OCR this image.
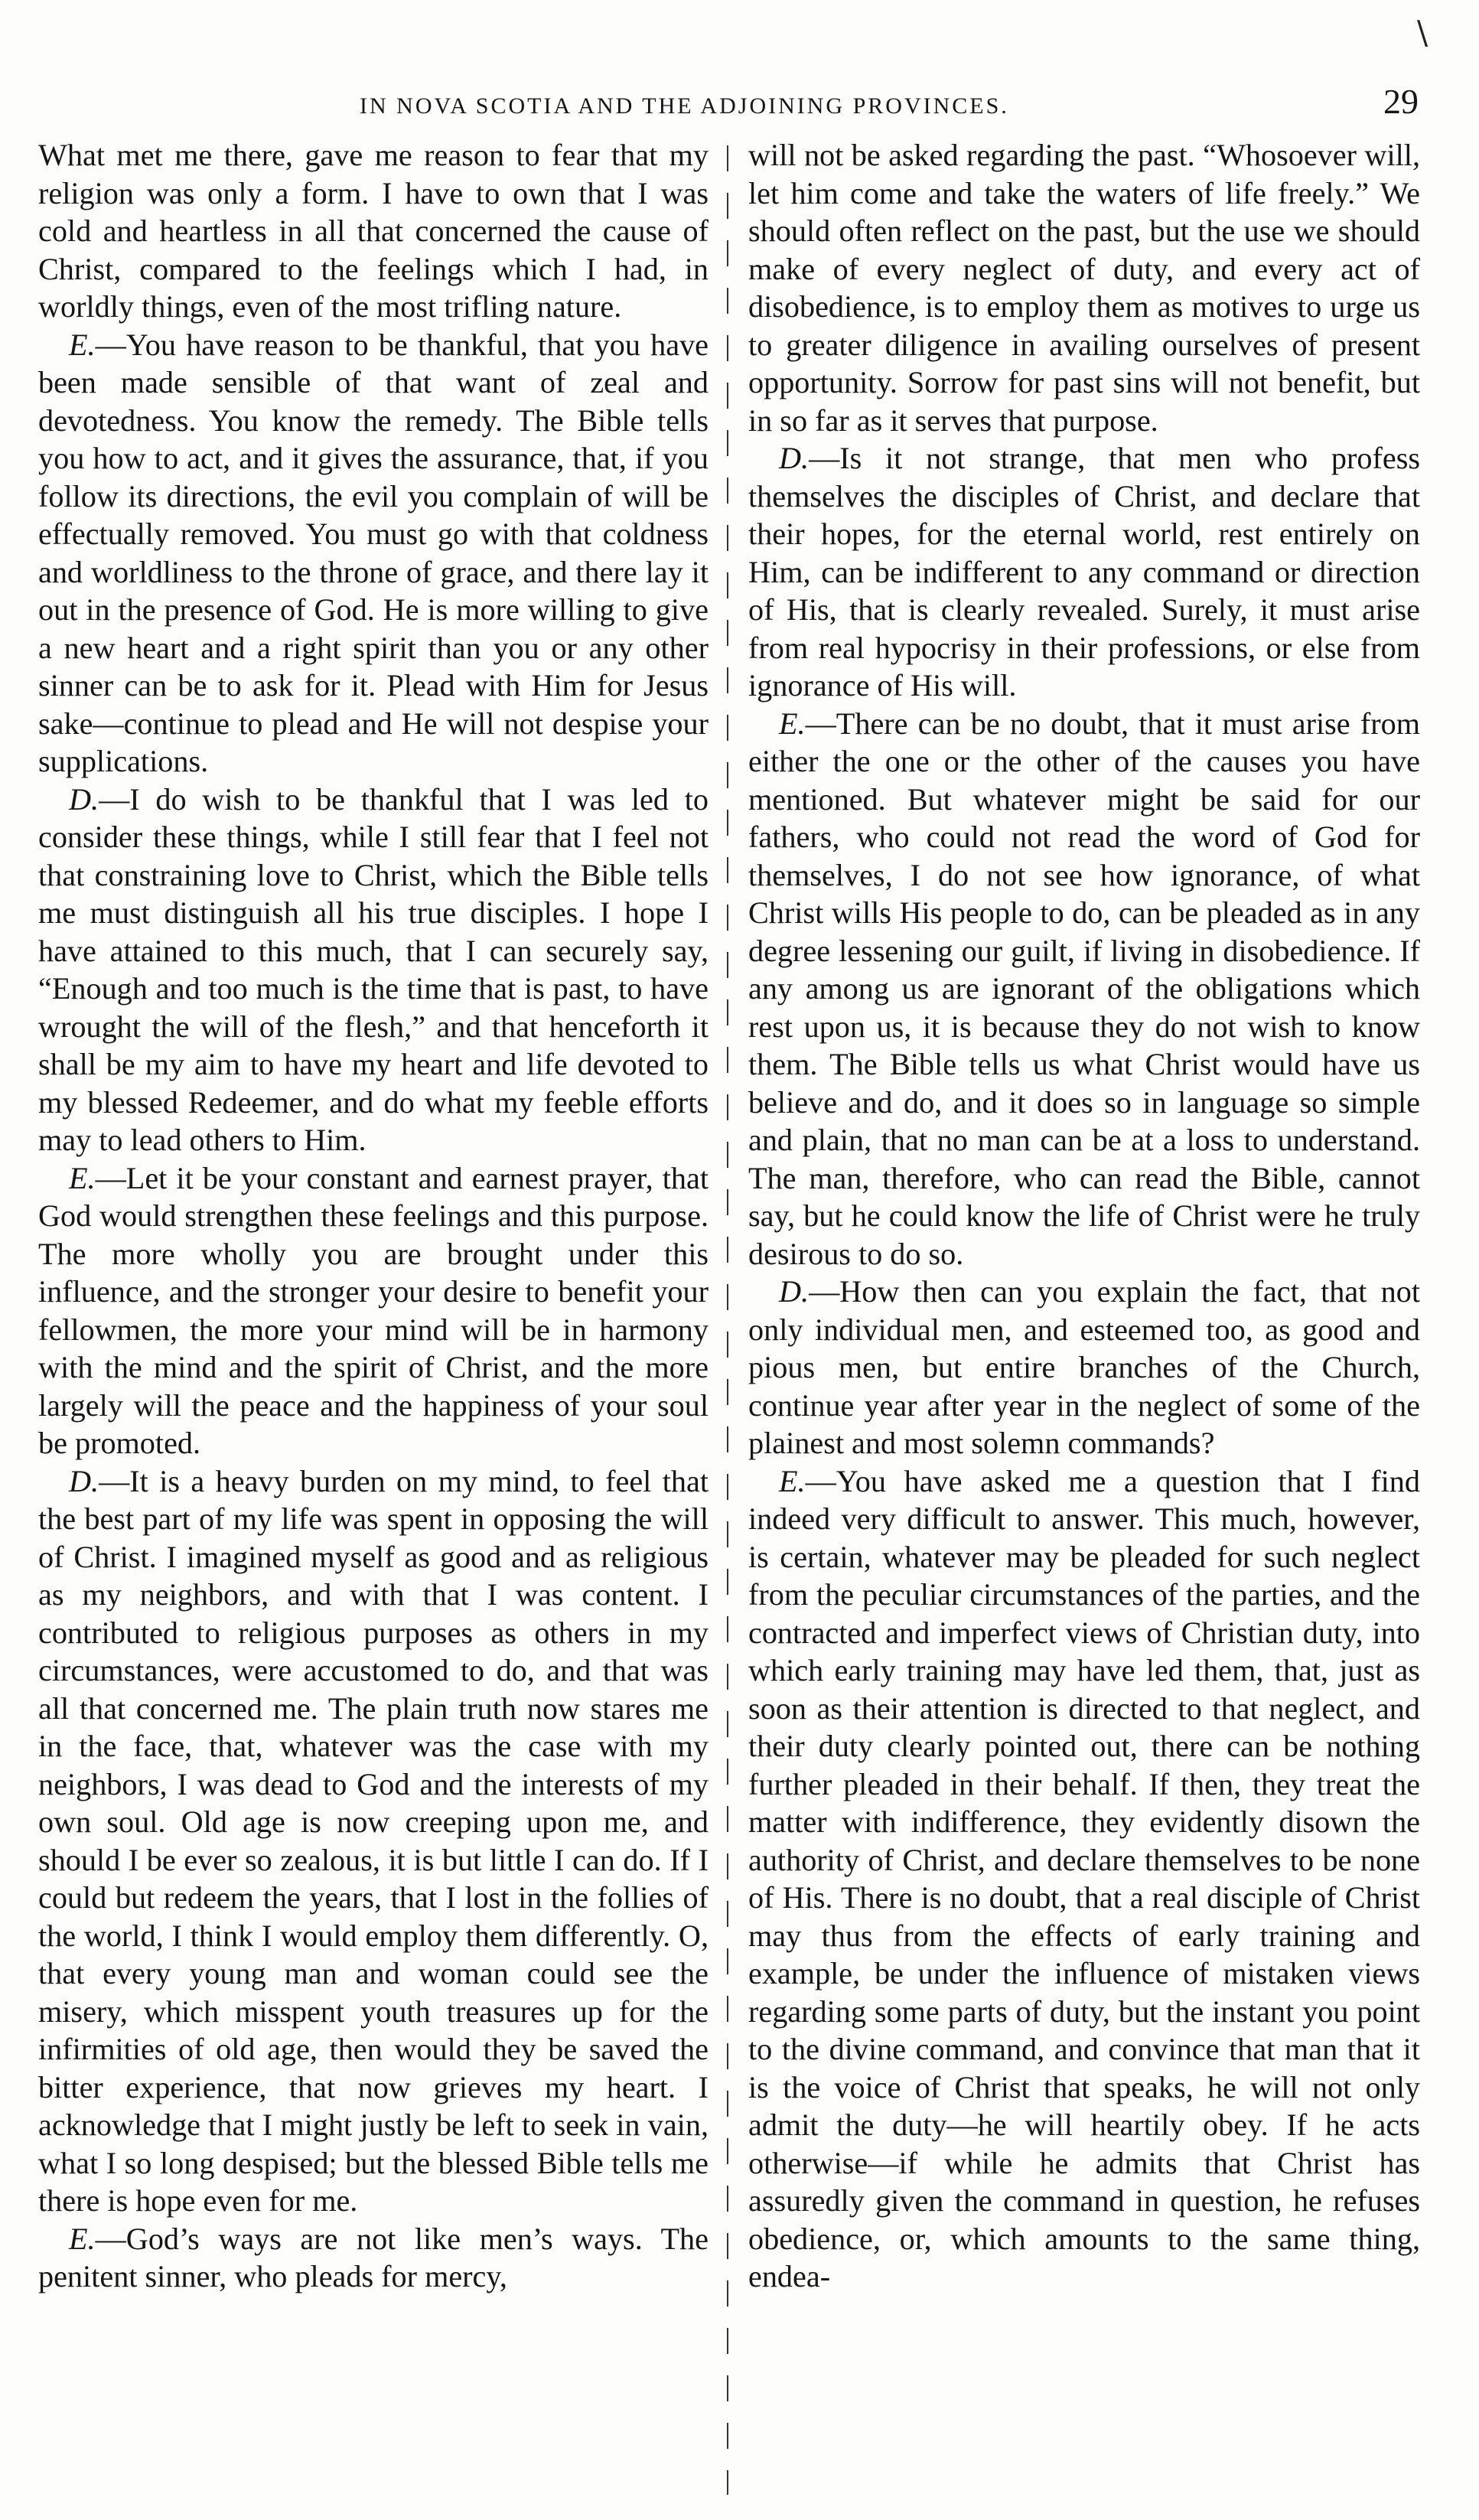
\
IN NOVA SCOTIA AND THE ADJOINING PROVINCES.	29

What met me there, gave me reason to fear that my religion was only a form. I have to own that I was cold and heartless in all that concerned the cause of Christ, compared to the feelings which I had, in worldly things, even of the most trifling nature.

E.—You have reason to be thankful, that you have been made sensible of that want of zeal and devotedness. You know the remedy. The Bible tells you how to act, and it gives the assurance, that, if you follow its directions, the evil you complain of will be effectually removed. You must go with that coldness and worldliness to the throne of grace, and there lay it out in the presence of God. He is more willing to give a new heart and a right spirit than you or any other sinner can be to ask for it. Plead with Him for Jesus sake—continue to plead and He will not despise your supplications.

D.—I do wish to be thankful that I was led to consider these things, while I still fear that I feel not that constraining love to Christ, which the Bible tells me must distinguish all his true disciples. I hope I have attained to this much, that I can securely say, “Enough and too much is the time that is past, to have wrought the will of the flesh,” and that henceforth it shall be my aim to have my heart and life devoted to my blessed Redeemer, and do what my feeble efforts may to lead others to Him.

E.—Let it be your constant and earnest prayer, that God would strengthen these feelings and this purpose. The more wholly you are brought under this influence, and the stronger your desire to benefit your fellowmen, the more your mind will be in harmony with the mind and the spirit of Christ, and the more largely will the peace and the happiness of your soul be promoted.

D.—It is a heavy burden on my mind, to feel that the best part of my life was spent in opposing the will of Christ. I imagined myself as good and as religious as my neighbors, and with that I was content. I contributed to religious purposes as others in my circumstances, were accustomed to do, and that was all that concerned me. The plain truth now stares me in the face, that, whatever was the case with my neighbors, I was dead to God and the interests of my own soul. Old age is now creeping upon me, and should I be ever so zealous, it is but little I can do. If I could but redeem the years, that I lost in the follies of the world, I think I would employ them differently. O, that every young man and woman could see the misery, which misspent youth treasures up for the infirmities of old age, then would they be saved the bitter experience, that now grieves my heart. I acknowledge that I might justly be left to seek in vain, what I so long despised; but the blessed Bible tells me there is hope even for me.

E.—God’s ways are not like men’s ways. The penitent sinner, who pleads for mercy,

will not be asked regarding the past. “Whosoever will, let him come and take the waters of life freely.” We should often reflect on the past, but the use we should make of every neglect of duty, and every act of disobedience, is to employ them as motives to urge us to greater diligence in availing ourselves of present opportunity. Sorrow for past sins will not benefit, but in so far as it serves that purpose.

D.—Is it not strange, that men who profess themselves the disciples of Christ, and declare that their hopes, for the eternal world, rest entirely on Him, can be indifferent to any command or direction of His, that is clearly revealed. Surely, it must arise from real hypocrisy in their professions, or else from ignorance of His will.

E.—There can be no doubt, that it must arise from either the one or the other of the causes you have mentioned. But whatever might be said for our fathers, who could not read the word of God for themselves, I do not see how ignorance, of what Christ wills His people to do, can be pleaded as in any degree lessening our guilt, if living in disobedience. If any among us are ignorant of the obligations which rest upon us, it is because they do not wish to know them. The Bible tells us what Christ would have us believe and do, and it does so in language so simple and plain, that no man can be at a loss to understand. The man, therefore, who can read the Bible, cannot say, but he could know the life of Christ were he truly desirous to do so.

D.—How then can you explain the fact, that not only individual men, and esteemed too, as good and pious men, but entire branches of the Church, continue year after year in the neglect of some of the plainest and most solemn commands?

E.—You have asked me a question that I find indeed very difficult to answer. This much, however, is certain, whatever may be pleaded for such neglect from the peculiar circumstances of the parties, and the contracted and imperfect views of Christian duty, into which early training may have led them, that, just as soon as their attention is directed to that neglect, and their duty clearly pointed out, there can be nothing further pleaded in their behalf. If then, they treat the matter with indifference, they evidently disown the authority of Christ, and declare themselves to be none of His. There is no doubt, that a real disciple of Christ may thus from the effects of early training and example, be under the influence of mistaken views regarding some parts of duty, but the instant you point to the divine command, and convince that man that it is the voice of Christ that speaks, he will not only admit the duty—he will heartily obey. If he acts otherwise—if while he admits that Christ has assuredly given the command in question, he refuses obedience, or, which amounts to the same thing, endea-
